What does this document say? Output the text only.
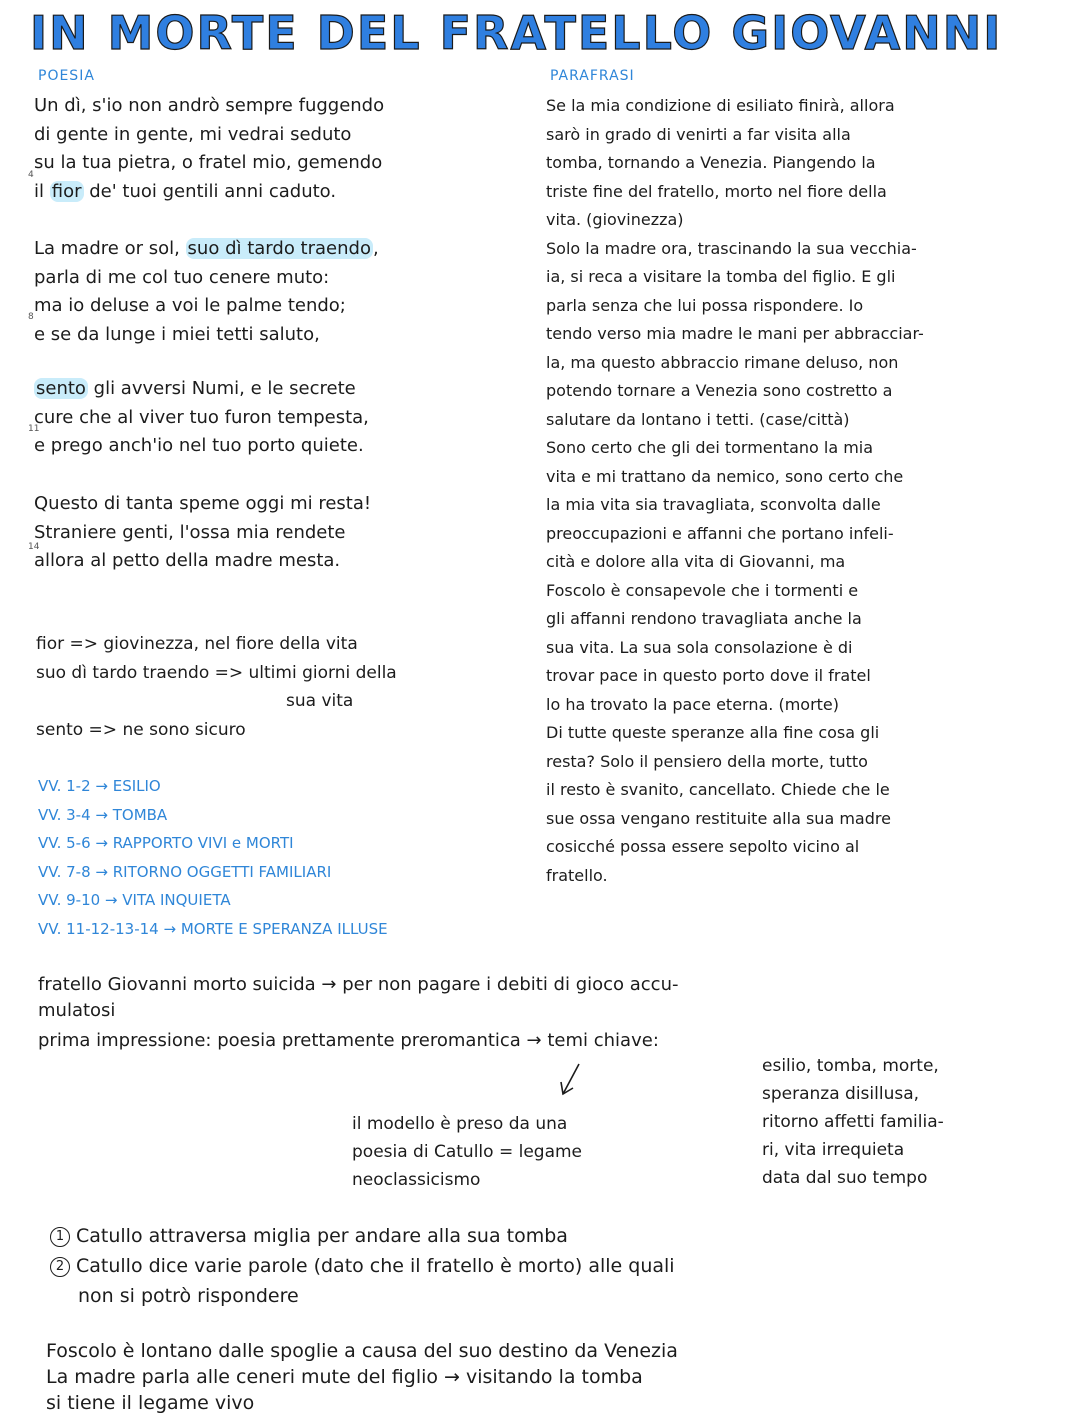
IN MORTE DEL FRATELLO GIOVANNI
POESIA
Un dì, s'io non andrò sempre fuggendo
di gente in gente, mi vedrai seduto
su la tua pietra, o fratel mio, gemendo
il fior de' tuoi gentili anni caduto.
4
La madre or sol, suo dì tardo traendo ,
parla di me col tuo cenere muto:
ma io deluse a voi le palme tendo;
e se da lunge i miei tetti saluto,
8
sento gli avversi Numi, e le secrete
cure che al viver tuo furon tempesta,
e prego anch'io nel tuo porto quiete.
11
Questo di tanta speme oggi mi resta!
Straniere genti, l'ossa mia rendete
allora al petto della madre mesta.
14
fior => giovinezza, nel fiore della vita
suo dì tardo traendo => ultimi giorni della
sua vita
sento => ne sono sicuro
VV. 1-2 → ESILIO
VV. 3-4 → TOMBA
VV. 5-6 → RAPPORTO VIVI e MORTI
VV. 7-8 → RITORNO OGGETTI FAMILIARI
VV. 9-10 → VITA INQUIETA
VV. 11-12-13-14 → MORTE E SPERANZA ILLUSE
PARAFRASI
Se la mia condizione di esiliato finirà, allora
sarò in grado di venirti a far visita alla
tomba, tornando a Venezia. Piangendo la
triste fine del fratello, morto nel fiore della
vita. (giovinezza)
Solo la madre ora, trascinando la sua vecchia-
ia, si reca a visitare la tomba del figlio. E gli
parla senza che lui possa rispondere. Io
tendo verso mia madre le mani per abbracciar-
la, ma questo abbraccio rimane deluso, non
potendo tornare a Venezia sono costretto a
salutare da lontano i tetti. (case/città)
Sono certo che gli dei tormentano la mia
vita e mi trattano da nemico, sono certo che
la mia vita sia travagliata, sconvolta dalle
preoccupazioni e affanni che portano infeli-
cità e dolore alla vita di Giovanni, ma
Foscolo è consapevole che i tormenti e
gli affanni rendono travagliata anche la
sua vita. La sua sola consolazione è di
trovar pace in questo porto dove il fratel
lo ha trovato la pace eterna. (morte)
Di tutte queste speranze alla fine cosa gli
resta? Solo il pensiero della morte, tutto
il resto è svanito, cancellato. Chiede che le
sue ossa vengano restituite alla sua madre
cosicché possa essere sepolto vicino al
fratello.
fratello Giovanni morto suicida → per non pagare i debiti di gioco accu-
mulatosi
prima impressione: poesia prettamente preromantica → temi chiave:
esilio, tomba, morte,
speranza disillusa,
ritorno affetti familia-
ri, vita irrequieta
data dal suo tempo
il modello è preso da una
poesia di Catullo = legame
neoclassicismo
1 Catullo attraversa miglia per andare alla sua tomba
2 Catullo dice varie parole (dato che il fratello è morto) alle quali
non si potrò rispondere
Foscolo è lontano dalle spoglie a causa del suo destino da Venezia
La madre parla alle ceneri mute del figlio → visitando la tomba
si tiene il legame vivo
